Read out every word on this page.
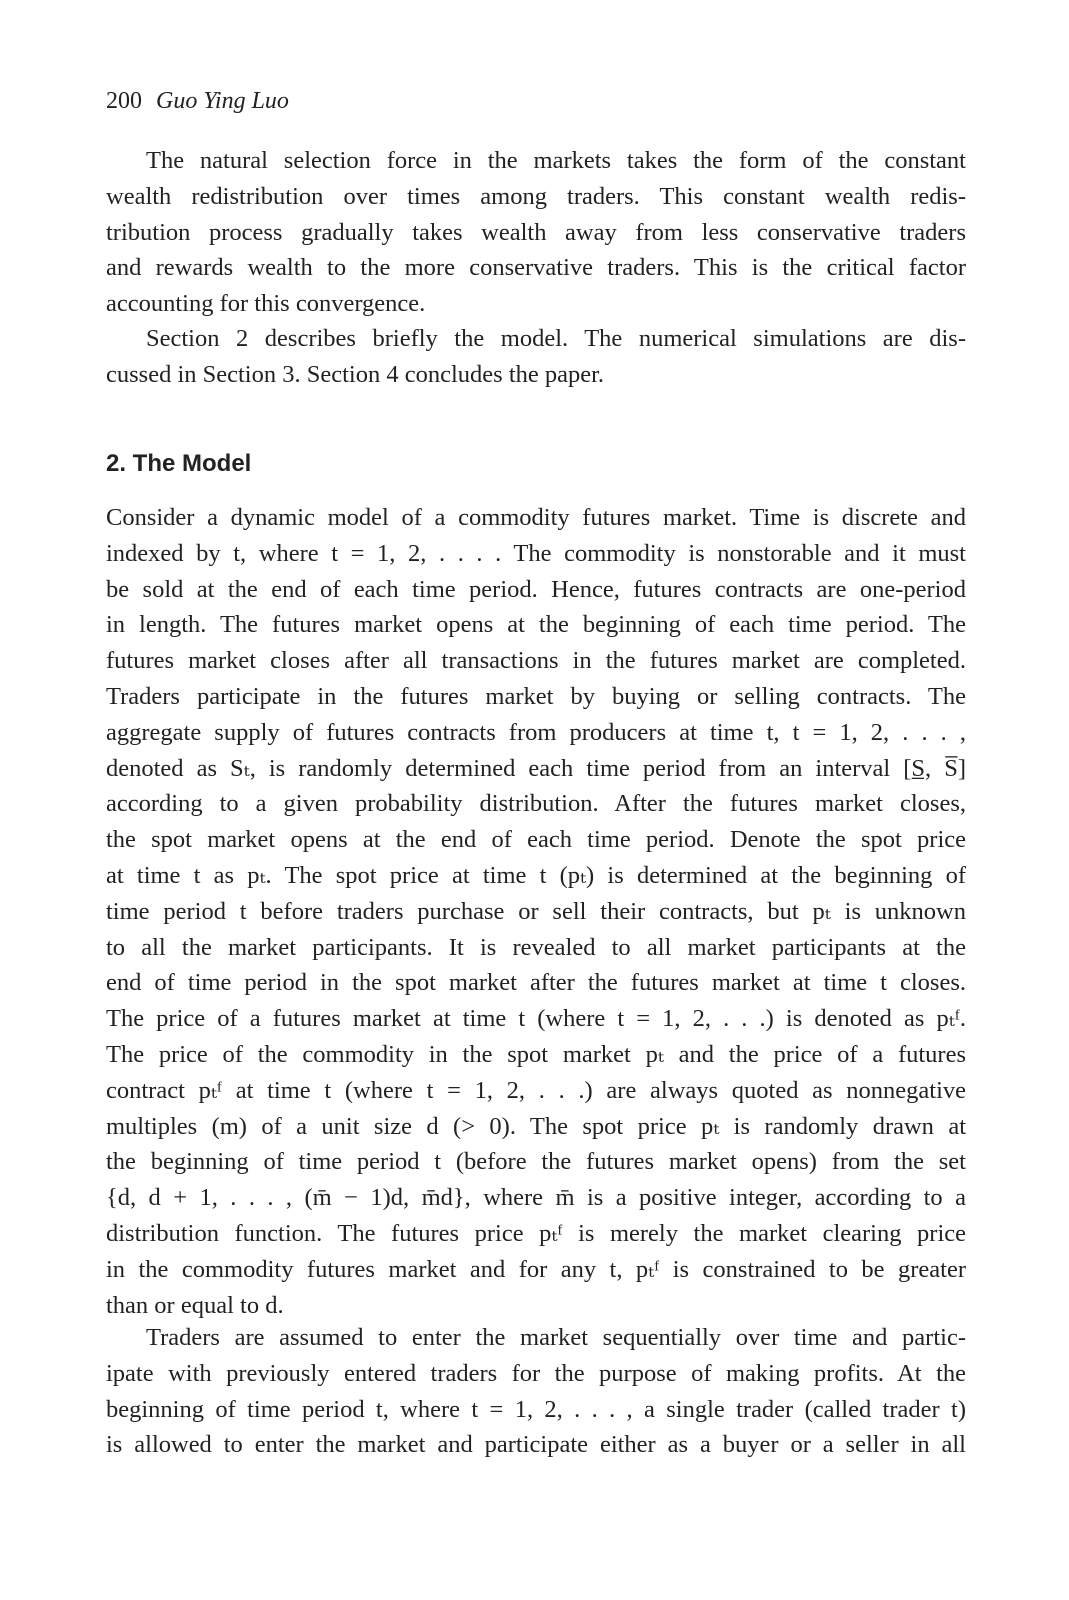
200 Guo Ying Luo
The natural selection force in the markets takes the form of the constant
wealth redistribution over times among traders. This constant wealth redis-
tribution process gradually takes wealth away from less conservative traders
and rewards wealth to the more conservative traders. This is the critical factor
accounting for this convergence.
Section 2 describes briefly the model. The numerical simulations are dis-
cussed in Section 3. Section 4 concludes the paper.
2. The Model
Consider a dynamic model of a commodity futures market. Time is discrete and
indexed by t, where t = 1, 2, . . . . The commodity is nonstorable and it must
be sold at the end of each time period. Hence, futures contracts are one-period
in length. The futures market opens at the beginning of each time period. The
futures market closes after all transactions in the futures market are completed.
Traders participate in the futures market by buying or selling contracts. The
aggregate supply of futures contracts from producers at time t, t = 1, 2, . . . ,
denoted as Sₜ, is randomly determined each time period from an interval [S̲, S̅]
according to a given probability distribution. After the futures market closes,
the spot market opens at the end of each time period. Denote the spot price
at time t as pₜ. The spot price at time t (pₜ) is determined at the beginning of
time period t before traders purchase or sell their contracts, but pₜ is unknown
to all the market participants. It is revealed to all market participants at the
end of time period in the spot market after the futures market at time t closes.
The price of a futures market at time t (where t = 1, 2, . . .) is denoted as pₜᶠ.
The price of the commodity in the spot market pₜ and the price of a futures
contract pₜᶠ at time t (where t = 1, 2, . . .) are always quoted as nonnegative
multiples (m) of a unit size d (> 0). The spot price pₜ is randomly drawn at
the beginning of time period t (before the futures market opens) from the set
{d, d + 1, . . . , (m̄ − 1)d, m̄d}, where m̄ is a positive integer, according to a
distribution function. The futures price pₜᶠ is merely the market clearing price
in the commodity futures market and for any t, pₜᶠ is constrained to be greater
than or equal to d.
Traders are assumed to enter the market sequentially over time and partic-
ipate with previously entered traders for the purpose of making profits. At the
beginning of time period t, where t = 1, 2, . . . , a single trader (called trader t)
is allowed to enter the market and participate either as a buyer or a seller in all
